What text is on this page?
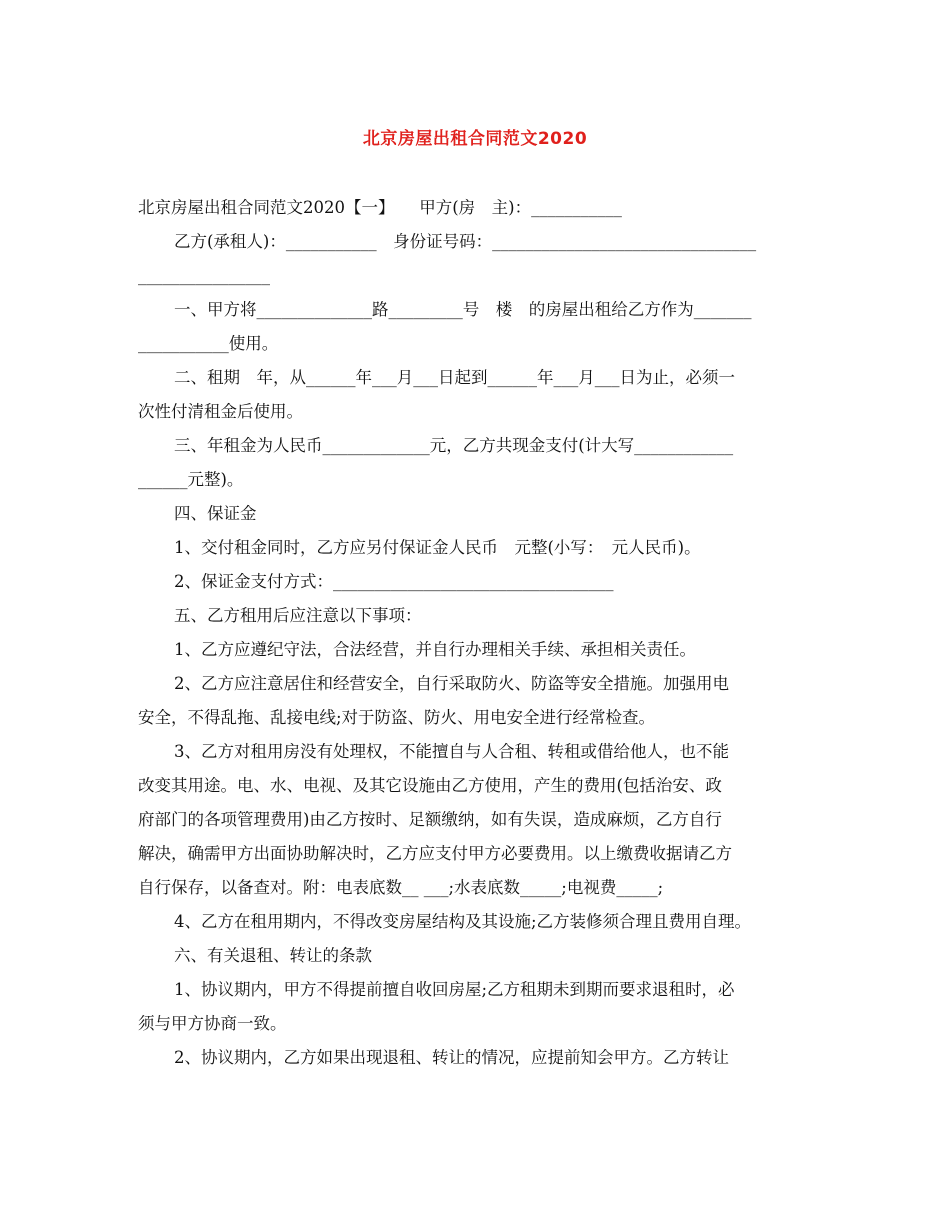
北京房屋出租合同范文2020
北京房屋出租合同范文2020【一】　　甲方(房　主)：___________
乙方(承租人)：___________　身份证号码：________________________________
________________
一、甲方将______________路_________号　楼　的房屋出租给乙方作为_______
___________使用。
二、租期　年，从______年___月___日起到______年___月___日为止，必须一
次性付清租金后使用。
三、年租金为人民币_____________元，乙方共现金支付(计大写____________
______元整)。
四、保证金
1、交付租金同时，乙方应另付保证金人民币　元整(小写：　元人民币)。
2、保证金支付方式：__________________________________
五、乙方租用后应注意以下事项：
1、乙方应遵纪守法，合法经营，并自行办理相关手续、承担相关责任。
2、乙方应注意居住和经营安全，自行采取防火、防盗等安全措施。加强用电
安全，不得乱拖、乱接电线;对于防盗、防火、用电安全进行经常检查。
3、乙方对租用房没有处理权，不能擅自与人合租、转租或借给他人，也不能
改变其用途。电、水、电视、及其它设施由乙方使用，产生的费用(包括治安、政
府部门的各项管理费用)由乙方按时、足额缴纳，如有失误，造成麻烦，乙方自行
解决，确需甲方出面协助解决时，乙方应支付甲方必要费用。以上缴费收据请乙方
自行保存，以备查对。附：电表底数__ ___;水表底数_____;电视费_____;
4、乙方在租用期内，不得改变房屋结构及其设施;乙方装修须合理且费用自理。
六、有关退租、转让的条款
1、协议期内，甲方不得提前擅自收回房屋;乙方租期未到期而要求退租时，必
须与甲方协商一致。
2、协议期内，乙方如果出现退租、转让的情况，应提前知会甲方。乙方转让
